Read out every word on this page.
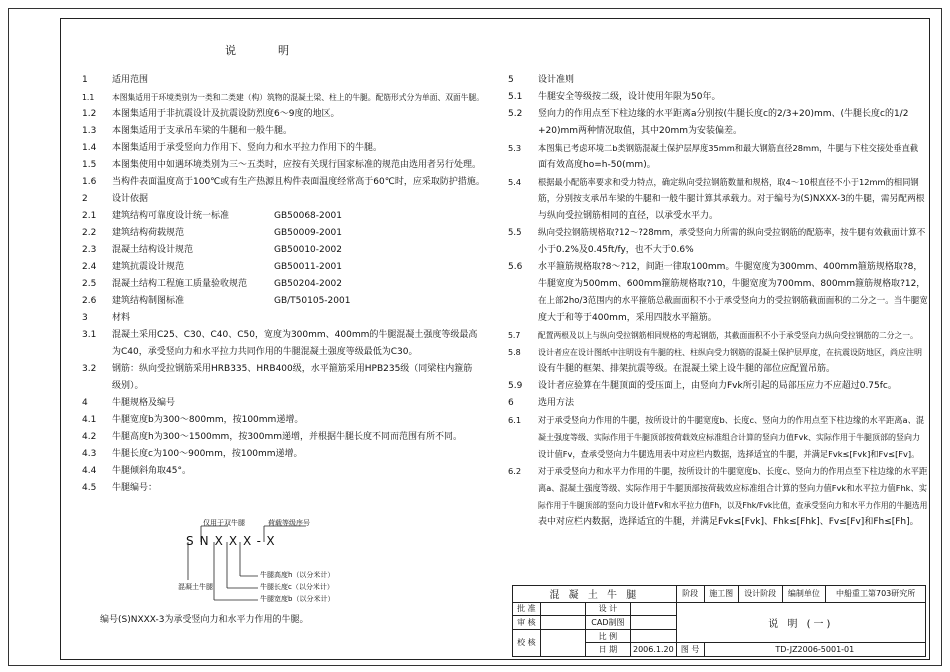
说	明
1	适用范围
1.1 本图集适用于环境类别为一类和二类建（构）筑物的混凝土梁、柱上的牛腿。配筋形式分为单面、双面牛腿。
1.2 本图集适用于非抗震设计及抗震设防烈度6～9度的地区。
1.3 本图集适用于支承吊车梁的牛腿和一般牛腿。
1.4 本图集适用于承受竖向力作用下、竖向力和水平拉力作用下的牛腿。
1.5 本图集使用中如遇环境类别为三～五类时，应按有关现行国家标准的规范由选用者另行处理。
1.6 当构件表面温度高于100℃或有生产热源且构件表面温度经常高于60℃时，应采取防护措施。
2	设计依据
2.1 建筑结构可靠度设计统一标准	GB50068-2001
2.2 建筑结构荷载规范	GB50009-2001
2.3 混凝土结构设计规范	GB50010-2002
2.4 建筑抗震设计规范	GB50011-2001
2.5 混凝土结构工程施工质量验收规范	GB50204-2002
2.6 建筑结构制图标准	GB/T50105-2001
3	材料
3.1 混凝土采用C25、C30、C40、C50，宽度为300mm、400mm的牛腿混凝土强度等级最高
为C40，承受竖向力和水平拉力共同作用的牛腿混凝土强度等级最低为C30。
3.2 钢筋：纵向受拉钢筋采用HRB335、HRB400级，水平箍筋采用HPB235级（同梁柱内箍筋
级别）。
4	牛腿规格及编号
4.1 牛腿宽度b为300～800mm，按100mm递增。
4.2 牛腿高度h为300～1500mm，按300mm递增，并根据牛腿长度不同而范围有所不同。
4.3 牛腿长度c为100～900mm，按100mm递增。
4.4 牛腿倾斜角取45°。
4.5 牛腿编号：
5	设计准则
5.1 牛腿安全等级按二级，设计使用年限为50年。
5.2 竖向力的作用点至下柱边缘的水平距离a分别按(牛腿长度c的2/3+20)mm、(牛腿长度c的1/2
+20)mm两种情况取值，其中20mm为安装偏差。
5.3 本图集已考虑环境二b类钢筋混凝土保护层厚度35mm和最大钢筋直径28mm，牛腿与下柱交接处垂直截
面有效高度ho=h-50(mm)。
5.4 根据最小配筋率要求和受力特点，确定纵向受拉钢筋数量和规格，取4～10根直径不小于12mm的相同钢
筋，分别按支承吊车梁的牛腿和一般牛腿计算其承载力。对于编号为(S)NXXX-3的牛腿，需另配两根
与纵向受拉钢筋相同的直径，以承受水平力。
5.5 纵向受拉钢筋规格取?12～?28mm，承受竖向力所需的纵向受拉钢筋的配筋率，按牛腿有效截面计算不
小于0.2%及0.45ft/fy，也不大于0.6%
5.6 水平箍筋规格取?8～?12，间距一律取100mm。牛腿宽度为300mm、400mm箍筋规格取?8，
牛腿宽度为500mm、600mm箍筋规格取?10，牛腿宽度为700mm、800mm箍筋规格取?12，
在上部2ho/3范围内的水平箍筋总截面面积不小于承受竖向力的受拉钢筋截面面积的二分之一。当牛腿宽
度大于和等于400mm，采用四肢水平箍筋。
5.7 配置两根及以上与纵向受拉钢筋相同规格的弯起钢筋，其截面面积不小于承受竖向力纵向受拉钢筋的二分之一。
5.8 设计者应在设计图纸中注明设有牛腿的柱、柱纵向受力钢筋的混凝土保护层厚度，在抗震设防地区，尚应注明
设有牛腿的框架、排架抗震等级。在混凝土梁上设牛腿的部位应配置吊筋。
5.9 设计者应验算在牛腿顶面的受压面上，由竖向力Fvk所引起的局部压应力不应超过0.75fc。
6	选用方法
6.1 对于承受竖向力作用的牛腿，按所设计的牛腿宽度b、长度c、竖向力的作用点至下柱边缘的水平距离a、混
凝土强度等级、实际作用于牛腿顶部按荷载效应标准组合计算的竖向力值Fvk、实际作用于牛腿顶部的竖向力
设计值Fv，查承受竖向力牛腿选用表中对应栏内数据，选择适宜的牛腿，并满足Fvk≤[Fvk]和Fv≤[Fv]。
6.2 对于承受竖向力和水平力作用的牛腿，按所设计的牛腿宽度b、长度c、竖向力的作用点至下柱边缘的水平距
离a、混凝土强度等级、实际作用于牛腿顶部按荷载效应标准组合计算的竖向力值Fvk和水平拉力值Fhk、实
际作用于牛腿顶部的竖向力设计值Fv和水平拉力值Fh，以及Fhk/Fvk比值，查承受竖向力和水平力作用的牛腿选用
表中对应栏内数据，选择适宜的牛腿，并满足Fvk≤[Fvk]、Fhk≤[Fhk]、Fv≤[Fv]和Fh≤[Fh]。
SNXXX-X
仅用于双牛腿	荷载等级序号
混凝土牛腿
牛腿高度h（以分米计）
牛腿长度c（以分米计）
牛腿宽度b（以分米计）
编号(S)NXXX-3为承受竖向力和水平力作用的牛腿。
混 凝 土 牛 腿				阶段	施工图	设计阶段	编制单位	中船重工第703研究所
批 准		设 计		说 明 (一)				
审 核		CAD制图						
校 核		比 例						
		日 期	2006.1.20	图 号	TD-JZ2006-5001-01			
